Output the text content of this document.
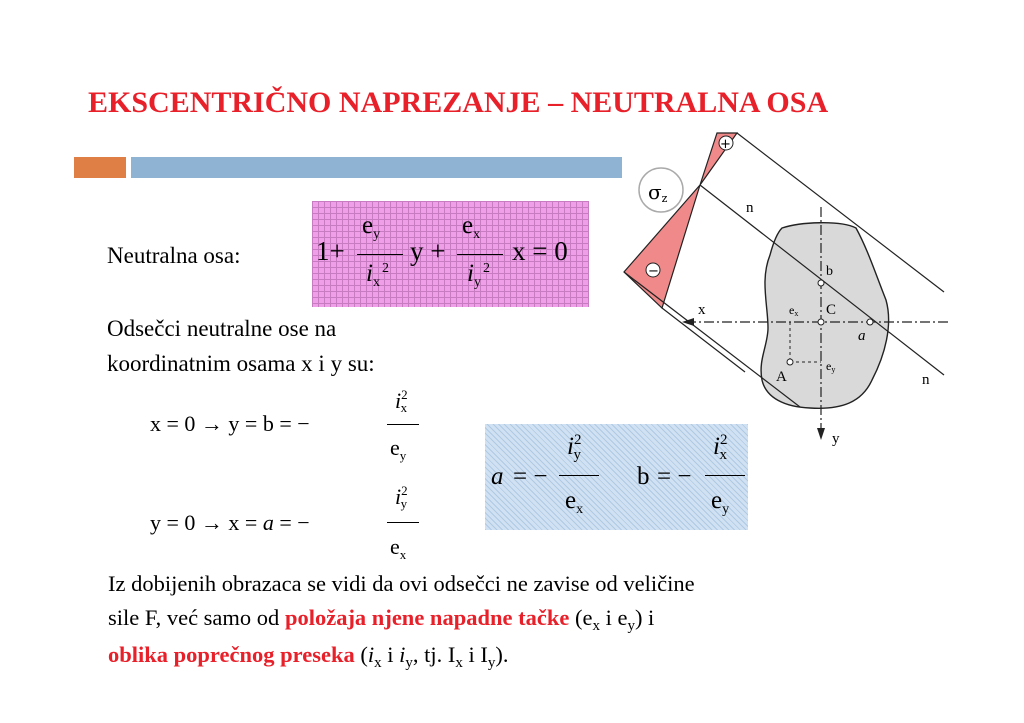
EKSCENTRIČNO NAPREZANJE – NEUTRALNA OSA
Neutralna osa:	1+
$e_y$
$i_x^2$
y +
$e_x$
$i_y^2$
x = 0
Odsečci neutralne ose na
koordinatnim osama x i y su:
x = 0 → y = b = −
$i^2x$
$e_y$
y = 0 → x = a = −
$i^2y$
$e_x$
a = −
$i^2_y$
$e_x$
b = −
$i^2_x$
$e_y$
Iz dobijenih obrazaca se vidi da ovi odsečci ne zavise od veličine
sile F, već samo od položaja njene napadne tačke ($e_x$ i $e_y$) i
oblika poprečnog preseka ($i_x$ i $i_y$, tj. $I_x$ i $I_y$).
σz
+
−
n
n
x
y
b
C
a
ex
ey
A
